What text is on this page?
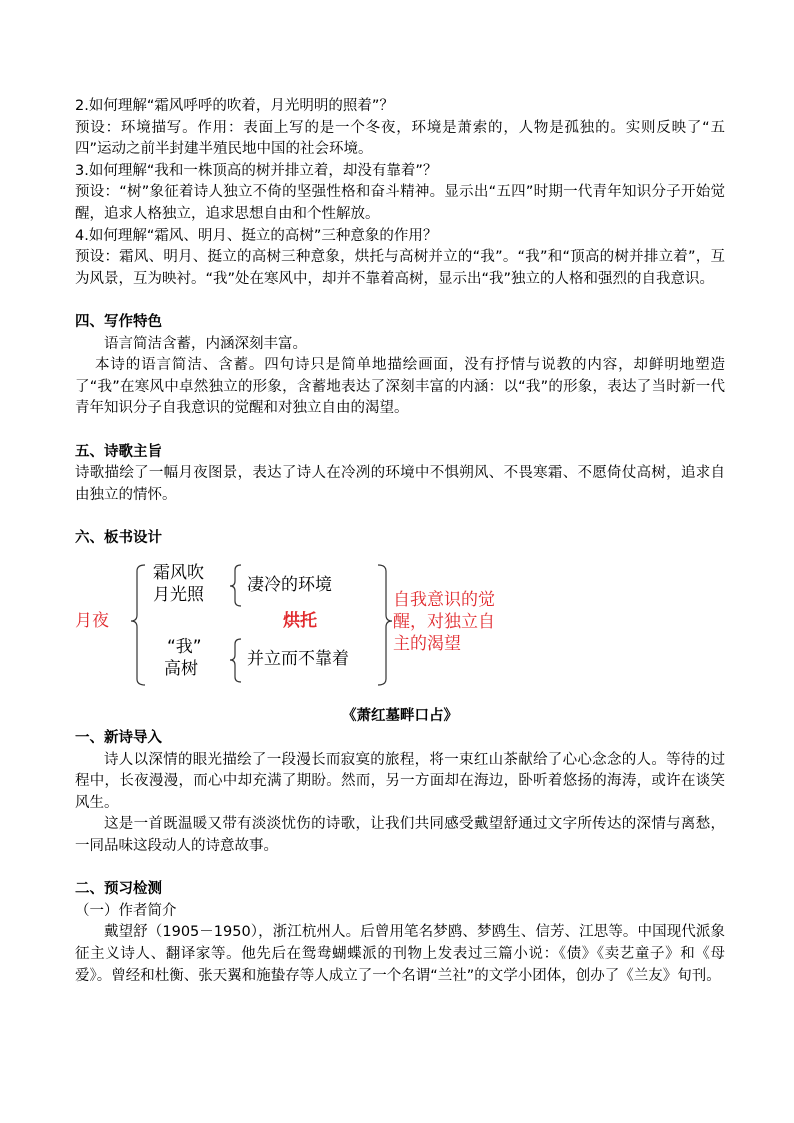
2.如何理解“霜风呼呼的吹着，月光明明的照着”？

预设：环境描写。作用：表面上写的是一个冬夜，环境是萧索的，人物是孤独的。实则反映了“五四”运动之前半封建半殖民地中国的社会环境。

3.如何理解“我和一株顶高的树并排立着，却没有靠着”？

预设：“树”象征着诗人独立不倚的坚强性格和奋斗精神。显示出“五四”时期一代青年知识分子开始觉醒，追求人格独立，追求思想自由和个性解放。

4.如何理解“霜风、明月、挺立的高树”三种意象的作用？

预设：霜风、明月、挺立的高树三种意象，烘托与高树并立的“我”。“我”和“顶高的树并排立着”，互为风景，互为映衬。“我”处在寒风中，却并不靠着高树，显示出“我”独立的人格和强烈的自我意识。

四、写作特色

语言简洁含蓄，内涵深刻丰富。

本诗的语言简洁、含蓄。四句诗只是简单地描绘画面，没有抒情与说教的内容，却鲜明地塑造了“我”在寒风中卓然独立的形象，含蓄地表达了深刻丰富的内涵：以“我”的形象，表达了当时新一代青年知识分子自我意识的觉醒和对独立自由的渴望。

五、诗歌主旨

诗歌描绘了一幅月夜图景，表达了诗人在冷冽的环境中不惧朔风、不畏寒霜、不愿倚仗高树，追求自由独立的情怀。

六、板书设计

月夜
霜风吹
月光照	凄冷的环境
烘托
“我”
高树	并立而不靠着
自我意识的觉
醒，对独立自
主的渴望

《萧红墓畔口占》

一、新诗导入

诗人以深情的眼光描绘了一段漫长而寂寞的旅程，将一束红山茶献给了心心念念的人。等待的过程中，长夜漫漫，而心中却充满了期盼。然而，另一方面却在海边，卧听着悠扬的海涛，或许在谈笑风生。

这是一首既温暖又带有淡淡忧伤的诗歌，让我们共同感受戴望舒通过文字所传达的深情与离愁，一同品味这段动人的诗意故事。

二、预习检测

（一）作者简介

戴望舒（1905－1950），浙江杭州人。后曾用笔名梦鸥、梦鸥生、信芳、江思等。中国现代派象征主义诗人、翻译家等。他先后在鸳鸯蝴蝶派的刊物上发表过三篇小说：《债》《卖艺童子》和《母爱》。曾经和杜衡、张天翼和施蛰存等人成立了一个名谓“兰社”的文学小团体，创办了《兰友》旬刊。
